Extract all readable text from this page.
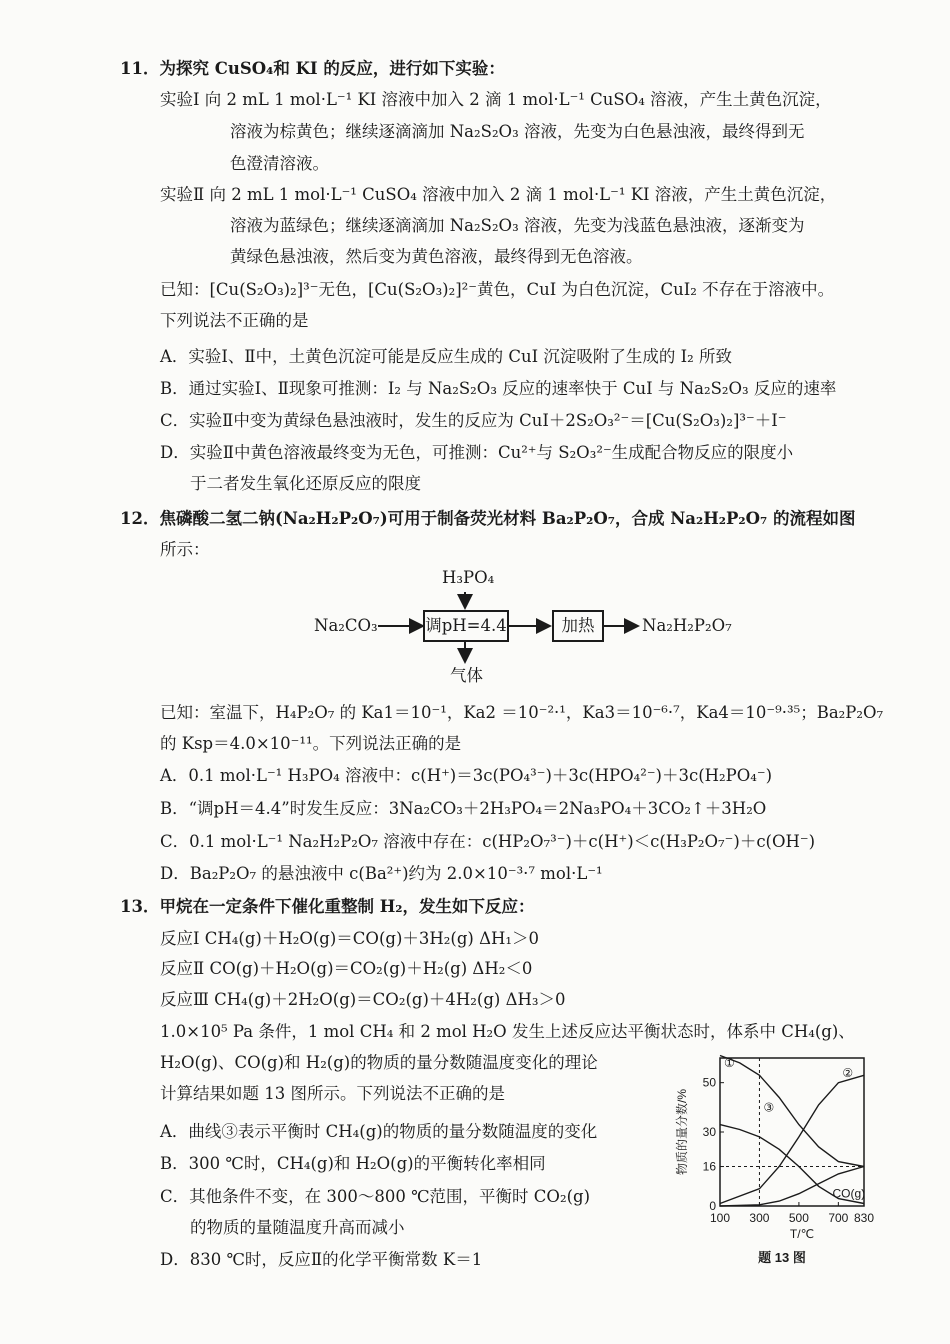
11．为探究 CuSO₄和 KI 的反应，进行如下实验：
实验Ⅰ 向 2 mL 1 mol·L⁻¹ KI 溶液中加入 2 滴 1 mol·L⁻¹ CuSO₄ 溶液，产生土黄色沉淀，
溶液为棕黄色；继续逐滴滴加 Na₂S₂O₃ 溶液，先变为白色悬浊液，最终得到无
色澄清溶液。
实验Ⅱ 向 2 mL 1 mol·L⁻¹ CuSO₄ 溶液中加入 2 滴 1 mol·L⁻¹ KI 溶液，产生土黄色沉淀，
溶液为蓝绿色；继续逐滴滴加 Na₂S₂O₃ 溶液，先变为浅蓝色悬浊液，逐渐变为
黄绿色悬浊液，然后变为黄色溶液，最终得到无色溶液。
已知：[Cu(S₂O₃)₂]³⁻无色，[Cu(S₂O₃)₂]²⁻黄色，CuI 为白色沉淀，CuI₂ 不存在于溶液中。
下列说法不正确的是
A．实验Ⅰ、Ⅱ中，土黄色沉淀可能是反应生成的 CuI 沉淀吸附了生成的 I₂ 所致
B．通过实验Ⅰ、Ⅱ现象可推测：I₂ 与 Na₂S₂O₃ 反应的速率快于 CuI 与 Na₂S₂O₃ 反应的速率
C．实验Ⅱ中变为黄绿色悬浊液时，发生的反应为 CuI＋2S₂O₃²⁻＝[Cu(S₂O₃)₂]³⁻＋I⁻
D．实验Ⅱ中黄色溶液最终变为无色，可推测：Cu²⁺与 S₂O₃²⁻生成配合物反应的限度小
于二者发生氧化还原反应的限度
12．焦磷酸二氢二钠(Na₂H₂P₂O₇)可用于制备荧光材料 Ba₂P₂O₇，合成 Na₂H₂P₂O₇ 的流程如图
所示：
H₃PO₄
Na₂CO₃	调pH=4.4	加热	Na₂H₂P₂O₇
气体
已知：室温下，H₄P₂O₇ 的 Ka1＝10⁻¹，Ka2 ＝10⁻²·¹，Ka3＝10⁻⁶·⁷，Ka4＝10⁻⁹·³⁵；Ba₂P₂O₇
的 Ksp＝4.0×10⁻¹¹。下列说法正确的是
A．0.1 mol·L⁻¹ H₃PO₄ 溶液中：c(H⁺)＝3c(PO₄³⁻)＋3c(HPO₄²⁻)＋3c(H₂PO₄⁻)
B．“调pH＝4.4”时发生反应：3Na₂CO₃＋2H₃PO₄＝2Na₃PO₄＋3CO₂↑＋3H₂O
C．0.1 mol·L⁻¹ Na₂H₂P₂O₇ 溶液中存在：c(HP₂O₇³⁻)＋c(H⁺)＜c(H₃P₂O₇⁻)＋c(OH⁻)
D．Ba₂P₂O₇ 的悬浊液中 c(Ba²⁺)约为 2.0×10⁻³·⁷ mol·L⁻¹
13．甲烷在一定条件下催化重整制 H₂，发生如下反应：
反应Ⅰ CH₄(g)＋H₂O(g)＝CO(g)＋3H₂(g) ΔH₁＞0
反应Ⅱ CO(g)＋H₂O(g)＝CO₂(g)＋H₂(g) ΔH₂＜0
反应Ⅲ CH₄(g)＋2H₂O(g)＝CO₂(g)＋4H₂(g) ΔH₃＞0
1.0×10⁵ Pa 条件，1 mol CH₄ 和 2 mol H₂O 发生上述反应达平衡状态时，体系中 CH₄(g)、
H₂O(g)、CO(g)和 H₂(g)的物质的量分数随温度变化的理论
计算结果如题 13 图所示。下列说法不正确的是
A．曲线③表示平衡时 CH₄(g)的物质的量分数随温度的变化
B．300 ℃时，CH₄(g)和 H₂O(g)的平衡转化率相同
C．其他条件不变，在 300～800 ℃范围，平衡时 CO₂(g)
的物质的量随温度升高而减小
D．830 ℃时，反应Ⅱ的化学平衡常数 K＝1
100 300 500 700 830
0
16
30
50
T/℃
物质的量分数/%
①
②
③
CO(g)
题 13 图
